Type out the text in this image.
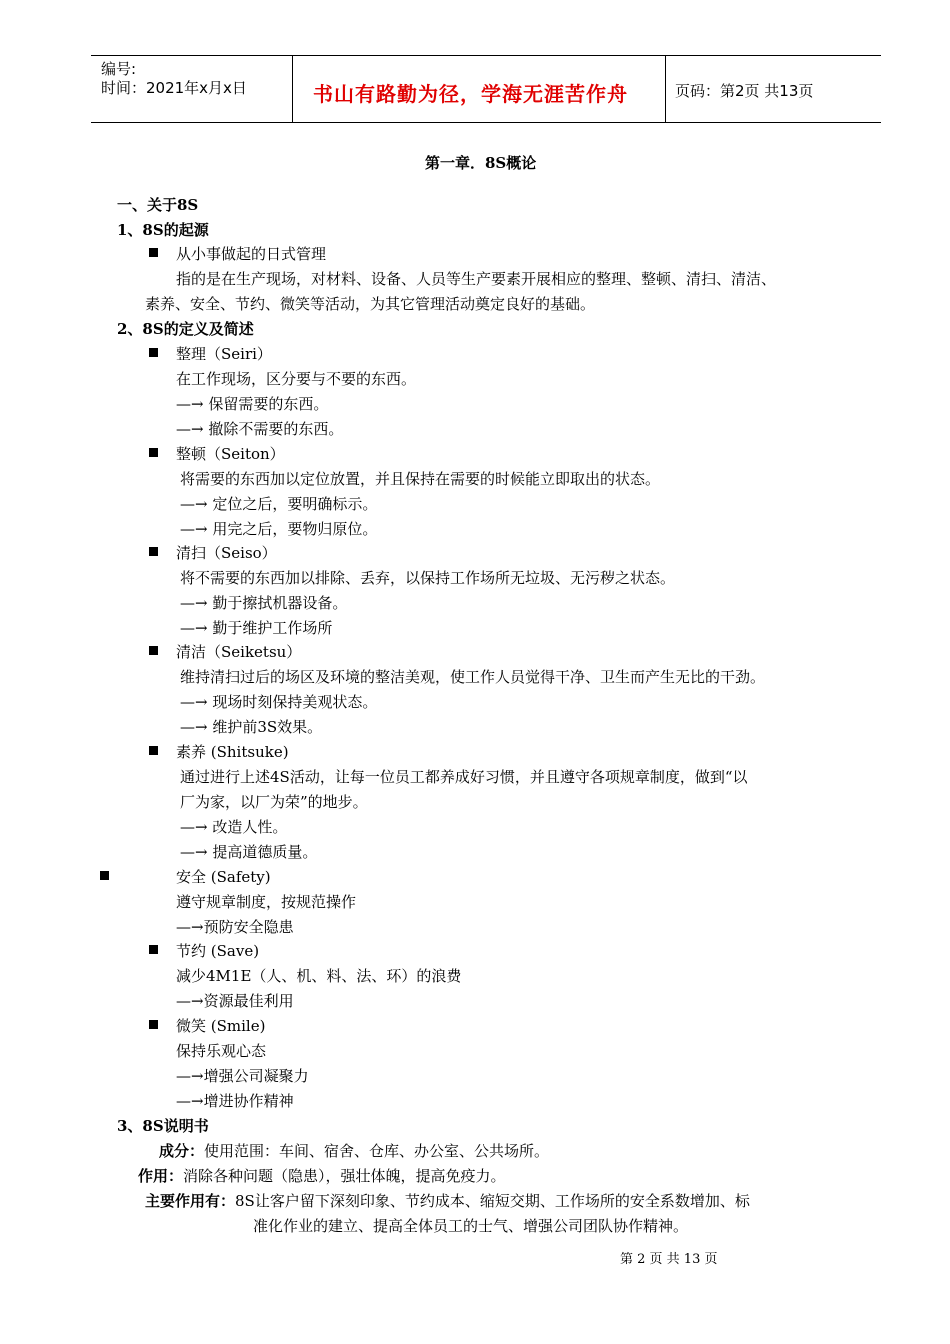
编号:
时间：2021年x月x日	书山有路勤为径，学海无涯苦作舟	页码：第2页 共13页
第一章．8S概论
一、关于8S
1、8S的起源
从小事做起的日式管理
指的是在生产现场，对材料、设备、人员等生产要素开展相应的整理、整顿、清扫、清洁、
素养、安全、节约、微笑等活动，为其它管理活动奠定良好的基础。
2、8S的定义及简述
整理（Seiri）
在工作现场，区分要与不要的东西。
—→ 保留需要的东西。
—→ 撤除不需要的东西。
整顿（Seiton）
将需要的东西加以定位放置，并且保持在需要的时候能立即取出的状态。
—→ 定位之后，要明确标示。
—→ 用完之后，要物归原位。
清扫（Seiso）
将不需要的东西加以排除、丢弃，以保持工作场所无垃圾、无污秽之状态。
—→ 勤于擦拭机器设备。
—→ 勤于维护工作场所
清洁（Seiketsu）
维持清扫过后的场区及环境的整洁美观，使工作人员觉得干净、卫生而产生无比的干劲。
—→ 现场时刻保持美观状态。
—→ 维护前3S效果。
素养 (Shitsuke)
通过进行上述4S活动，让每一位员工都养成好习惯，并且遵守各项规章制度，做到“以
厂为家，以厂为荣”的地步。
—→ 改造人性。
—→ 提高道德质量。
安全 (Safety)
遵守规章制度，按规范操作
—→预防安全隐患
节约 (Save)
减少4M1E（人、机、料、法、环）的浪费
—→资源最佳利用
微笑 (Smile)
保持乐观心态
—→增强公司凝聚力
—→增进协作精神
3、8S说明书
成分：使用范围：车间、宿舍、仓库、办公室、公共场所。
作用：消除各种问题（隐患），强壮体魄，提高免疫力。
主要作用有：8S让客户留下深刻印象、节约成本、缩短交期、工作场所的安全系数增加、标
准化作业的建立、提高全体员工的士气、增强公司团队协作精神。
第 2 页 共 13 页
